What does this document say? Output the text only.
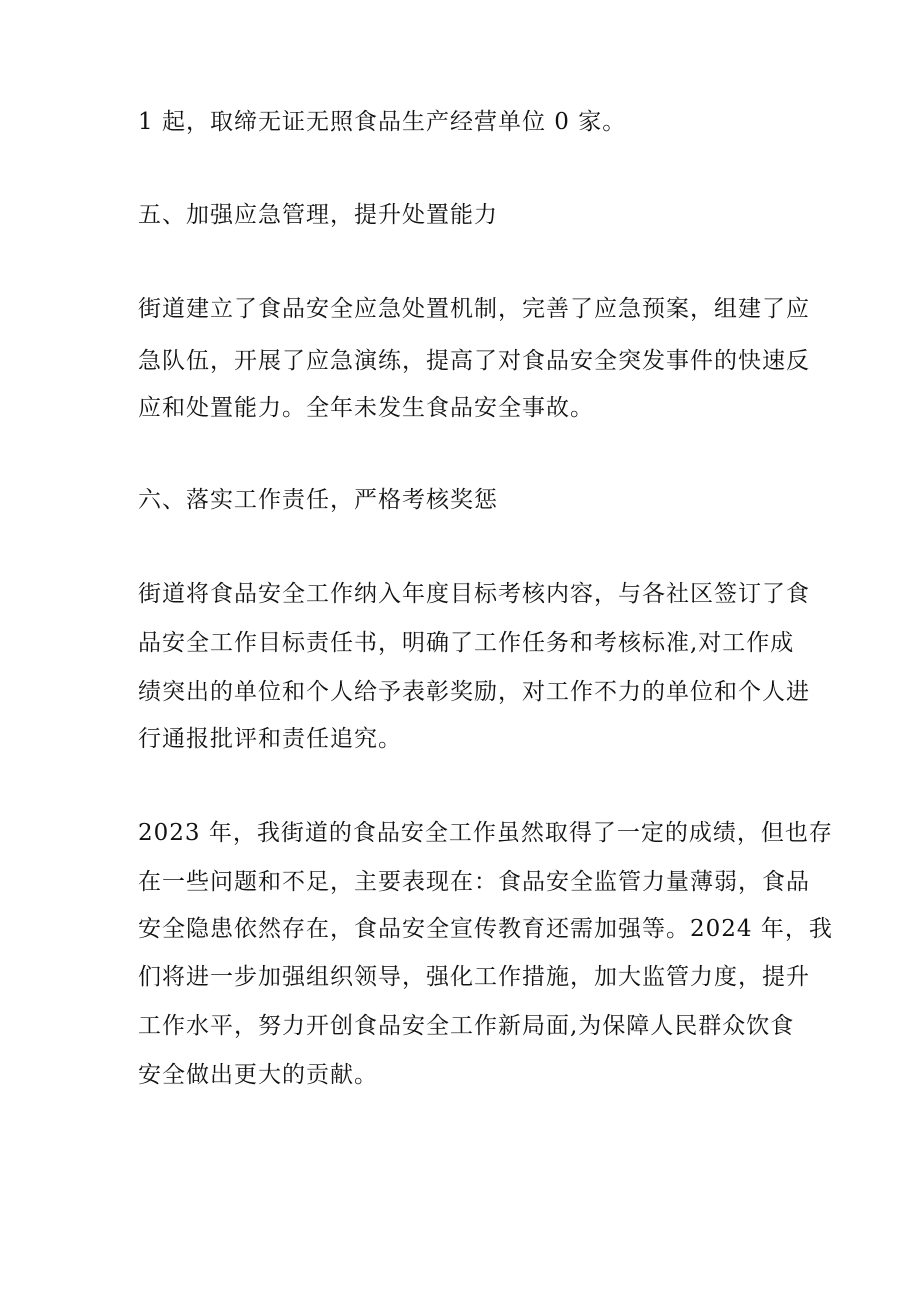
1 起，取缔无证无照食品生产经营单位 0 家。
五、加强应急管理，提升处置能力
街道建立了食品安全应急处置机制，完善了应急预案，组建了应
急队伍，开展了应急演练，提高了对食品安全突发事件的快速反
应和处置能力。全年未发生食品安全事故。
六、落实工作责任，严格考核奖惩
街道将食品安全工作纳入年度目标考核内容，与各社区签订了食
品安全工作目标责任书，明确了工作任务和考核标准,对工作成
绩突出的单位和个人给予表彰奖励，对工作不力的单位和个人进
行通报批评和责任追究。
2023 年，我街道的食品安全工作虽然取得了一定的成绩，但也存
在一些问题和不足，主要表现在：食品安全监管力量薄弱，食品
安全隐患依然存在，食品安全宣传教育还需加强等。2024 年，我
们将进一步加强组织领导，强化工作措施，加大监管力度，提升
工作水平，努力开创食品安全工作新局面,为保障人民群众饮食
安全做出更大的贡献。
